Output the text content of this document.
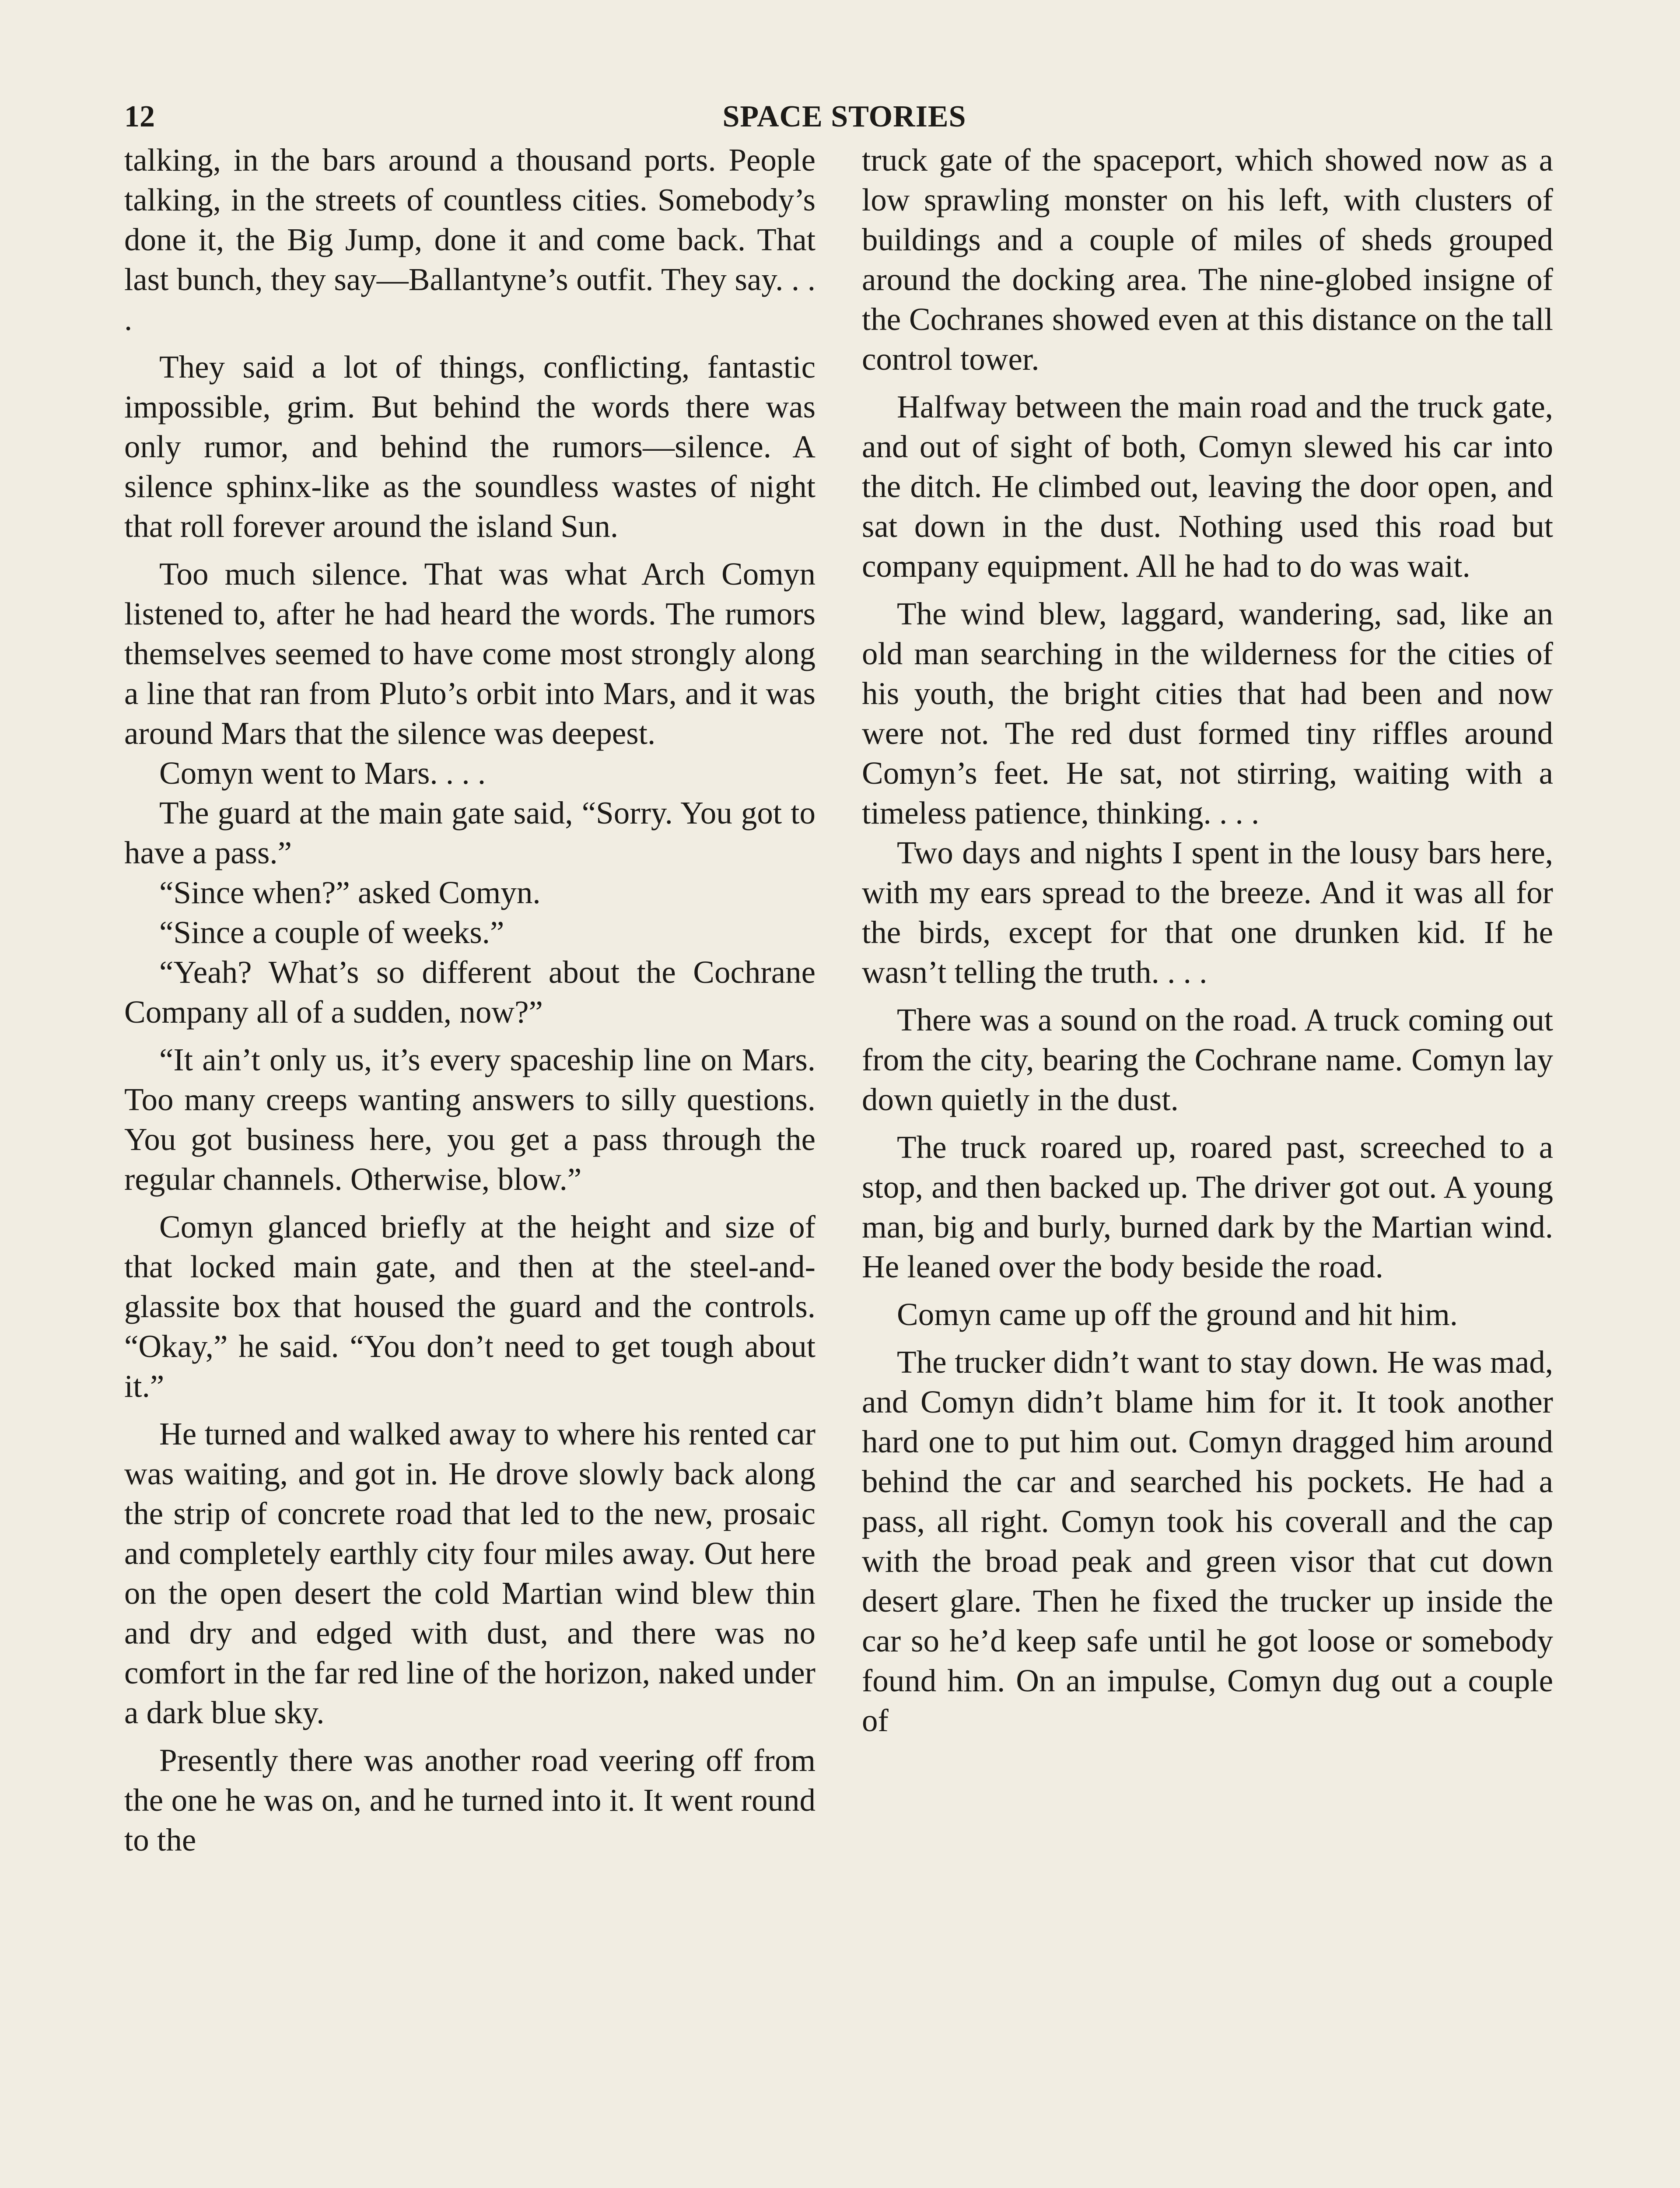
12	SPACE STORIES

talking, in the bars around a thousand ports. People talking, in the streets of countless cities. Somebody’s done it, the Big Jump, done it and come back. That last bunch, they say—Ballantyne’s outfit. They say. . . .

They said a lot of things, conflicting, fantastic impossible, grim. But behind the words there was only rumor, and behind the rumors—silence. A silence sphinx-like as the soundless wastes of night that roll forever around the island Sun.

Too much silence. That was what Arch Comyn listened to, after he had heard the words. The rumors themselves seemed to have come most strongly along a line that ran from Pluto’s orbit into Mars, and it was around Mars that the silence was deepest.

Comyn went to Mars. . . .

The guard at the main gate said, “Sorry. You got to have a pass.”

“Since when?” asked Comyn.

“Since a couple of weeks.”

“Yeah? What’s so different about the Cochrane Company all of a sudden, now?”

“It ain’t only us, it’s every spaceship line on Mars. Too many creeps wanting answers to silly questions. You got business here, you get a pass through the regular channels. Otherwise, blow.”

Comyn glanced briefly at the height and size of that locked main gate, and then at the steel-and-glassite box that housed the guard and the controls. “Okay,” he said. “You don’t need to get tough about it.”

He turned and walked away to where his rented car was waiting, and got in. He drove slowly back along the strip of concrete road that led to the new, prosaic and completely earthly city four miles away. Out here on the open desert the cold Martian wind blew thin and dry and edged with dust, and there was no comfort in the far red line of the horizon, naked under a dark blue sky.

Presently there was another road veering off from the one he was on, and he turned into it. It went round to the

truck gate of the spaceport, which showed now as a low sprawling monster on his left, with clusters of buildings and a couple of miles of sheds grouped around the docking area. The nine-globed insigne of the Cochranes showed even at this distance on the tall control tower.

Halfway between the main road and the truck gate, and out of sight of both, Comyn slewed his car into the ditch. He climbed out, leaving the door open, and sat down in the dust. Nothing used this road but company equipment. All he had to do was wait.

The wind blew, laggard, wandering, sad, like an old man searching in the wilderness for the cities of his youth, the bright cities that had been and now were not. The red dust formed tiny riffles around Comyn’s feet. He sat, not stirring, waiting with a timeless patience, thinking. . . .

Two days and nights I spent in the lousy bars here, with my ears spread to the breeze. And it was all for the birds, except for that one drunken kid. If he wasn’t telling the truth. . . .

There was a sound on the road. A truck coming out from the city, bearing the Cochrane name. Comyn lay down quietly in the dust.

The truck roared up, roared past, screeched to a stop, and then backed up. The driver got out. A young man, big and burly, burned dark by the Martian wind. He leaned over the body beside the road.

Comyn came up off the ground and hit him.

The trucker didn’t want to stay down. He was mad, and Comyn didn’t blame him for it. It took another hard one to put him out. Comyn dragged him around behind the car and searched his pockets. He had a pass, all right. Comyn took his coverall and the cap with the broad peak and green visor that cut down desert glare. Then he fixed the trucker up inside the car so he’d keep safe until he got loose or somebody found him. On an impulse, Comyn dug out a couple of
